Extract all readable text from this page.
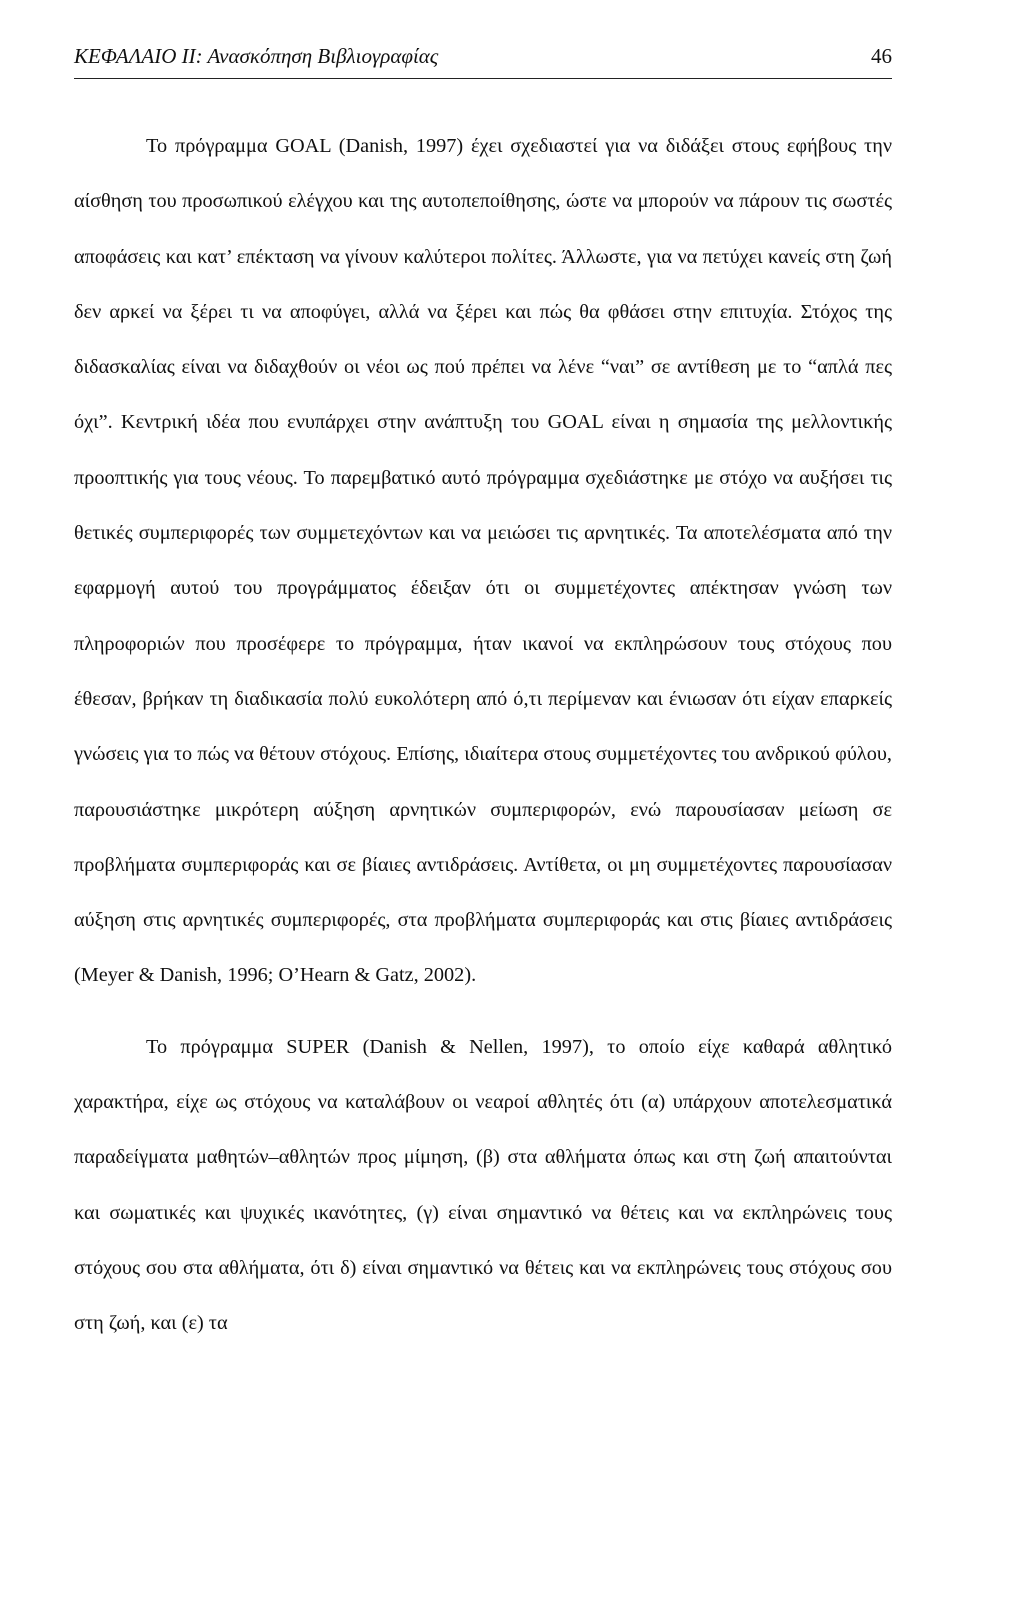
ΚΕΦΑΛΑΙΟ ΙΙ: Ανασκόπηση Βιβλιογραφίας	46

Το πρόγραμμα GOAL (Danish, 1997) έχει σχεδιαστεί για να διδάξει στους εφήβους την αίσθηση του προσωπικού ελέγχου και της αυτοπεποίθησης, ώστε να μπορούν να πάρουν τις σωστές αποφάσεις και κατ’ επέκταση να γίνουν καλύτεροι πολίτες. Άλλωστε, για να πετύχει κανείς στη ζωή δεν αρκεί να ξέρει τι να αποφύγει, αλλά να ξέρει και πώς θα φθάσει στην επιτυχία. Στόχος της διδασκαλίας είναι να διδαχθούν οι νέοι ως πού πρέπει να λένε “ναι” σε αντίθεση με το “απλά πες όχι”. Κεντρική ιδέα που ενυπάρχει στην ανάπτυξη του GOAL είναι η σημασία της μελλοντικής προοπτικής για τους νέους. Το παρεμβατικό αυτό πρόγραμμα σχεδιάστηκε με στόχο να αυξήσει τις θετικές συμπεριφορές των συμμετεχόντων και να μειώσει τις αρνητικές. Τα αποτελέσματα από την εφαρμογή αυτού του προγράμματος έδειξαν ότι οι συμμετέχοντες απέκτησαν γνώση των πληροφοριών που προσέφερε το πρόγραμμα, ήταν ικανοί να εκπληρώσουν τους στόχους που έθεσαν, βρήκαν τη διαδικασία πολύ ευκολότερη από ό,τι περίμεναν και ένιωσαν ότι είχαν επαρκείς γνώσεις για το πώς να θέτουν στόχους. Επίσης, ιδιαίτερα στους συμμετέχοντες του ανδρικού φύλου, παρουσιάστηκε μικρότερη αύξηση αρνητικών συμπεριφορών, ενώ παρουσίασαν μείωση σε προβλήματα συμπεριφοράς και σε βίαιες αντιδράσεις. Αντίθετα, οι μη συμμετέχοντες παρουσίασαν αύξηση στις αρνητικές συμπεριφορές, στα προβλήματα συμπεριφοράς και στις βίαιες αντιδράσεις (Meyer & Danish, 1996; O’Hearn & Gatz, 2002).

Το πρόγραμμα SUPER (Danish & Nellen, 1997), το οποίο είχε καθαρά αθλητικό χαρακτήρα, είχε ως στόχους να καταλάβουν οι νεαροί αθλητές ότι (α) υπάρχουν αποτελεσματικά παραδείγματα μαθητών–αθλητών προς μίμηση, (β) στα αθλήματα όπως και στη ζωή απαιτούνται και σωματικές και ψυχικές ικανότητες, (γ) είναι σημαντικό να θέτεις και να εκπληρώνεις τους στόχους σου στα αθλήματα, ότι δ) είναι σημαντικό να θέτεις και να εκπληρώνεις τους στόχους σου στη ζωή, και (ε) τα
